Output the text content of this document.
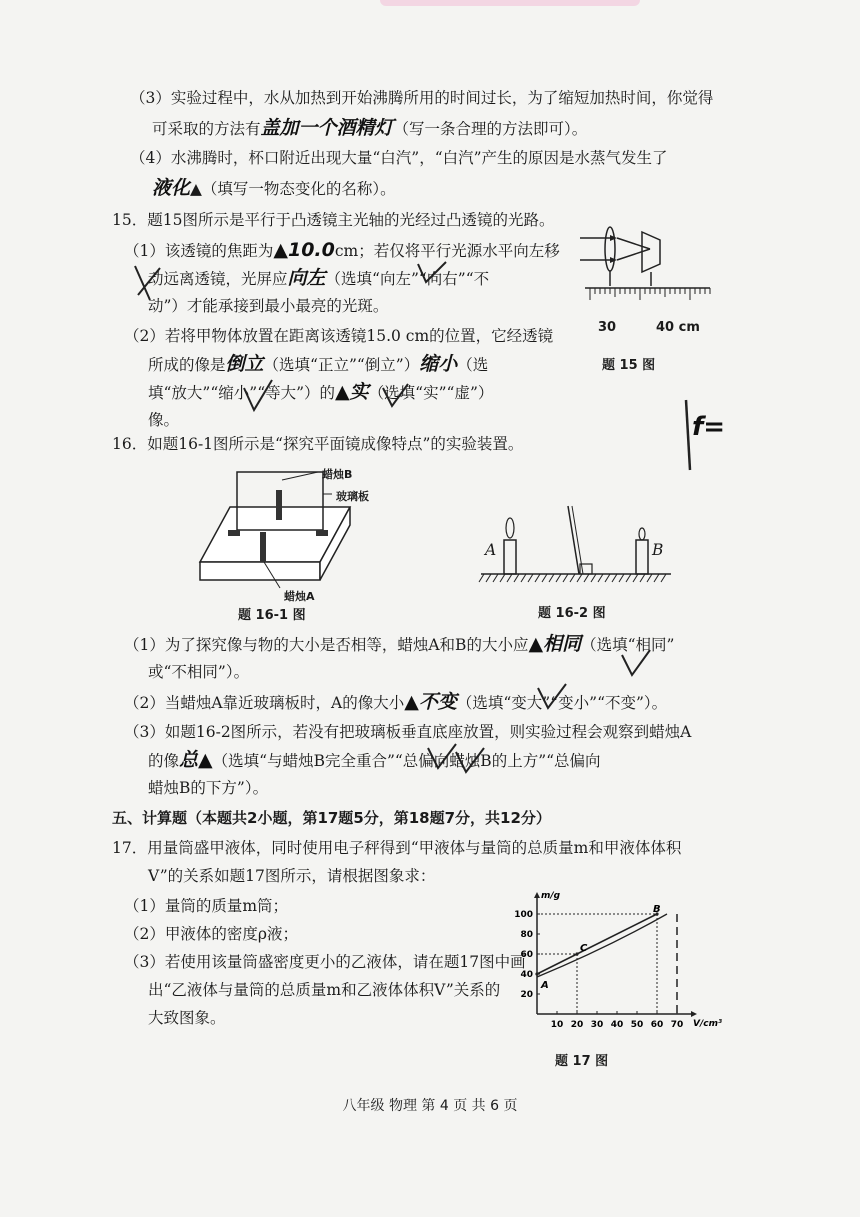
（3）实验过程中，水从加热到开始沸腾所用的时间过长，为了缩短加热时间，你觉得
可采取的方法有盖加一个酒精灯（写一条合理的方法即可）。
（4）水沸腾时，杯口附近出现大量“白汽”，“白汽”产生的原因是水蒸气发生了
液化▲（填写一物态变化的名称）。
15．题15图所示是平行于凸透镜主光轴的光经过凸透镜的光路。
（1）该透镜的焦距为▲10.0cm；若仅将平行光源水平向左移
动远离透镜，光屏应向左（选填“向左”“向右”“不
动”）才能承接到最小最亮的光斑。
（2）若将甲物体放置在距离该透镜15.0 cm的位置，它经透镜
所成的像是倒立（选填“正立”“倒立”）缩小（选
填“放大”“缩小”“等大”）的▲实（选填“实”“虚”）
像。	f=
30	40 cm
题 15 图
16．如题16-1图所示是“探究平面镜成像特点”的实验装置。
蜡烛B
玻璃板
蜡烛A
题 16-1 图
A	B
题 16-2 图
（1）为了探究像与物的大小是否相等，蜡烛A和B的大小应▲相同（选填“相同”
或“不相同”）。
（2）当蜡烛A靠近玻璃板时，A的像大小▲不变（选填“变大”“变小”“不变”）。
（3）如题16-2图所示，若没有把玻璃板垂直底座放置，则实验过程会观察到蜡烛A
的像总▲（选填“与蜡烛B完全重合”“总偏向蜡烛B的上方”“总偏向
蜡烛B的下方”）。
五、计算题（本题共2小题，第17题5分，第18题7分，共12分）
17．用量筒盛甲液体，同时使用电子秤得到“甲液体与量筒的总质量m和甲液体体积
V”的关系如题17图所示，请根据图象求：
（1）量筒的质量m筒；
（2）甲液体的密度ρ液；
（3）若使用该量筒盛密度更小的乙液体，请在题17图中画
出“乙液体与量筒的总质量m和乙液体体积V”关系的
大致图象。	10 20 30 40 50 60 70
20
40
60
80
100
V/cm³
m/g
A
C
B
题 17 图
八年级 物理 第 4 页 共 6 页
